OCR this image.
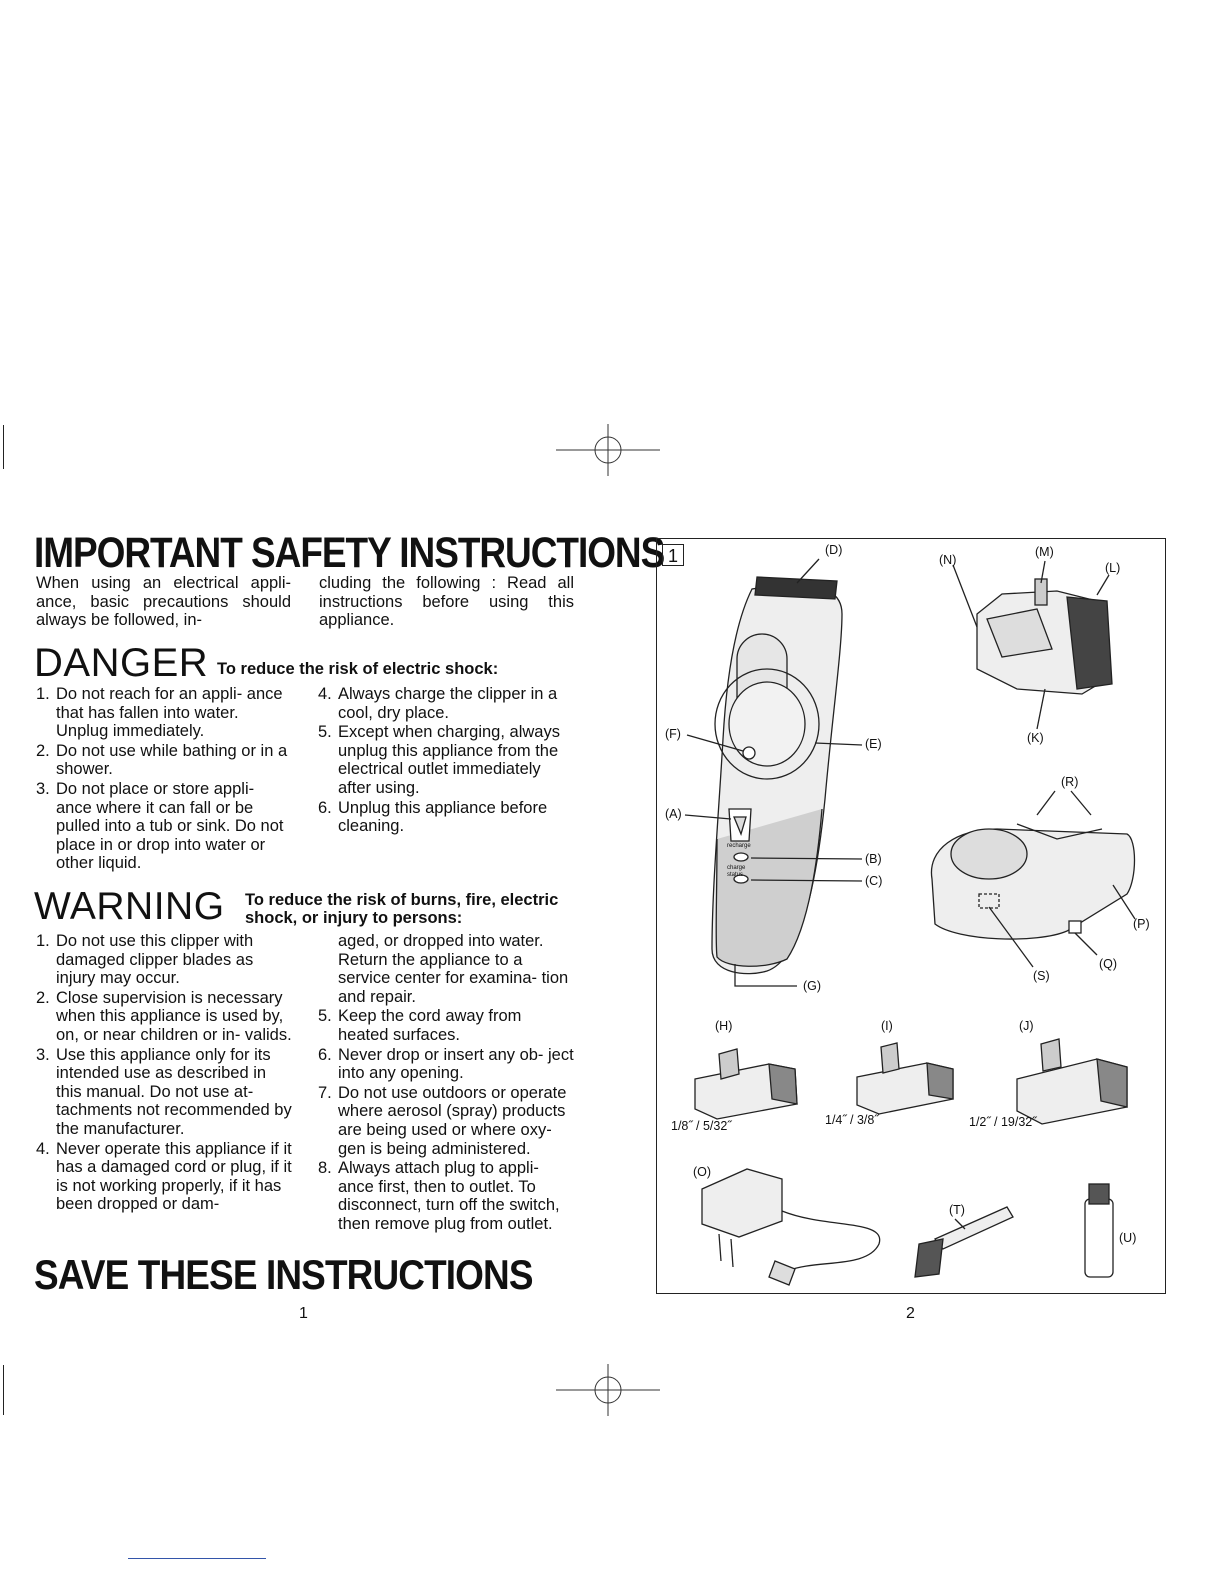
IMPORTANT SAFETY INSTRUCTIONS
When using an electrical appli- ance, basic precautions should always be followed, in-
cluding the following : Read all instructions before using this appliance.
DANGER To reduce the risk of electric shock:
1. Do not reach for an appli- ance that has fallen into water. Unplug immediately.
2. Do not use while bathing or in a shower.
3. Do not place or store appli- ance where it can fall or be pulled into a tub or sink. Do not place in or drop into water or other liquid.
4. Always charge the clipper in a cool, dry place.
5. Except when charging, always unplug this appliance from the electrical outlet immediately after using.
6. Unplug this appliance before cleaning.
WARNING To reduce the risk of burns, fire, electric shock, or injury to persons:
1. Do not use this clipper with damaged clipper blades as injury may occur.
2. Close supervision is necessary when this appliance is used by, on, or near children or in- valids.
3. Use this appliance only for its intended use as described in this manual. Do not use at- tachments not recommended by the manufacturer.
4. Never operate this appliance if it has a damaged cord or plug, if it is not working properly, if it has been dropped or dam-
aged, or dropped into water. Return the appliance to a service center for examina- tion and repair.
5. Keep the cord away from heated surfaces.
6. Never drop or insert any ob- ject into any opening.
7. Do not use outdoors or operate where aerosol (spray) products are being used or where oxy- gen is being administered.
8. Always attach plug to appli- ance first, then to outlet. To disconnect, turn off the switch, then remove plug from outlet.
SAVE THESE INSTRUCTIONS
1
1	(D)
(N)
(M)
(L)
(F)
(E)	(K)
(R)
(A)
(B)
(C)
(P)
(Q)
(S)
(G)
(H)	(I)	(J)
(O)
(T)
(U)
recharge
charge status
1/8˝ / 5/32˝	1/4˝ / 3/8˝	1/2˝ / 19/32˝
2
